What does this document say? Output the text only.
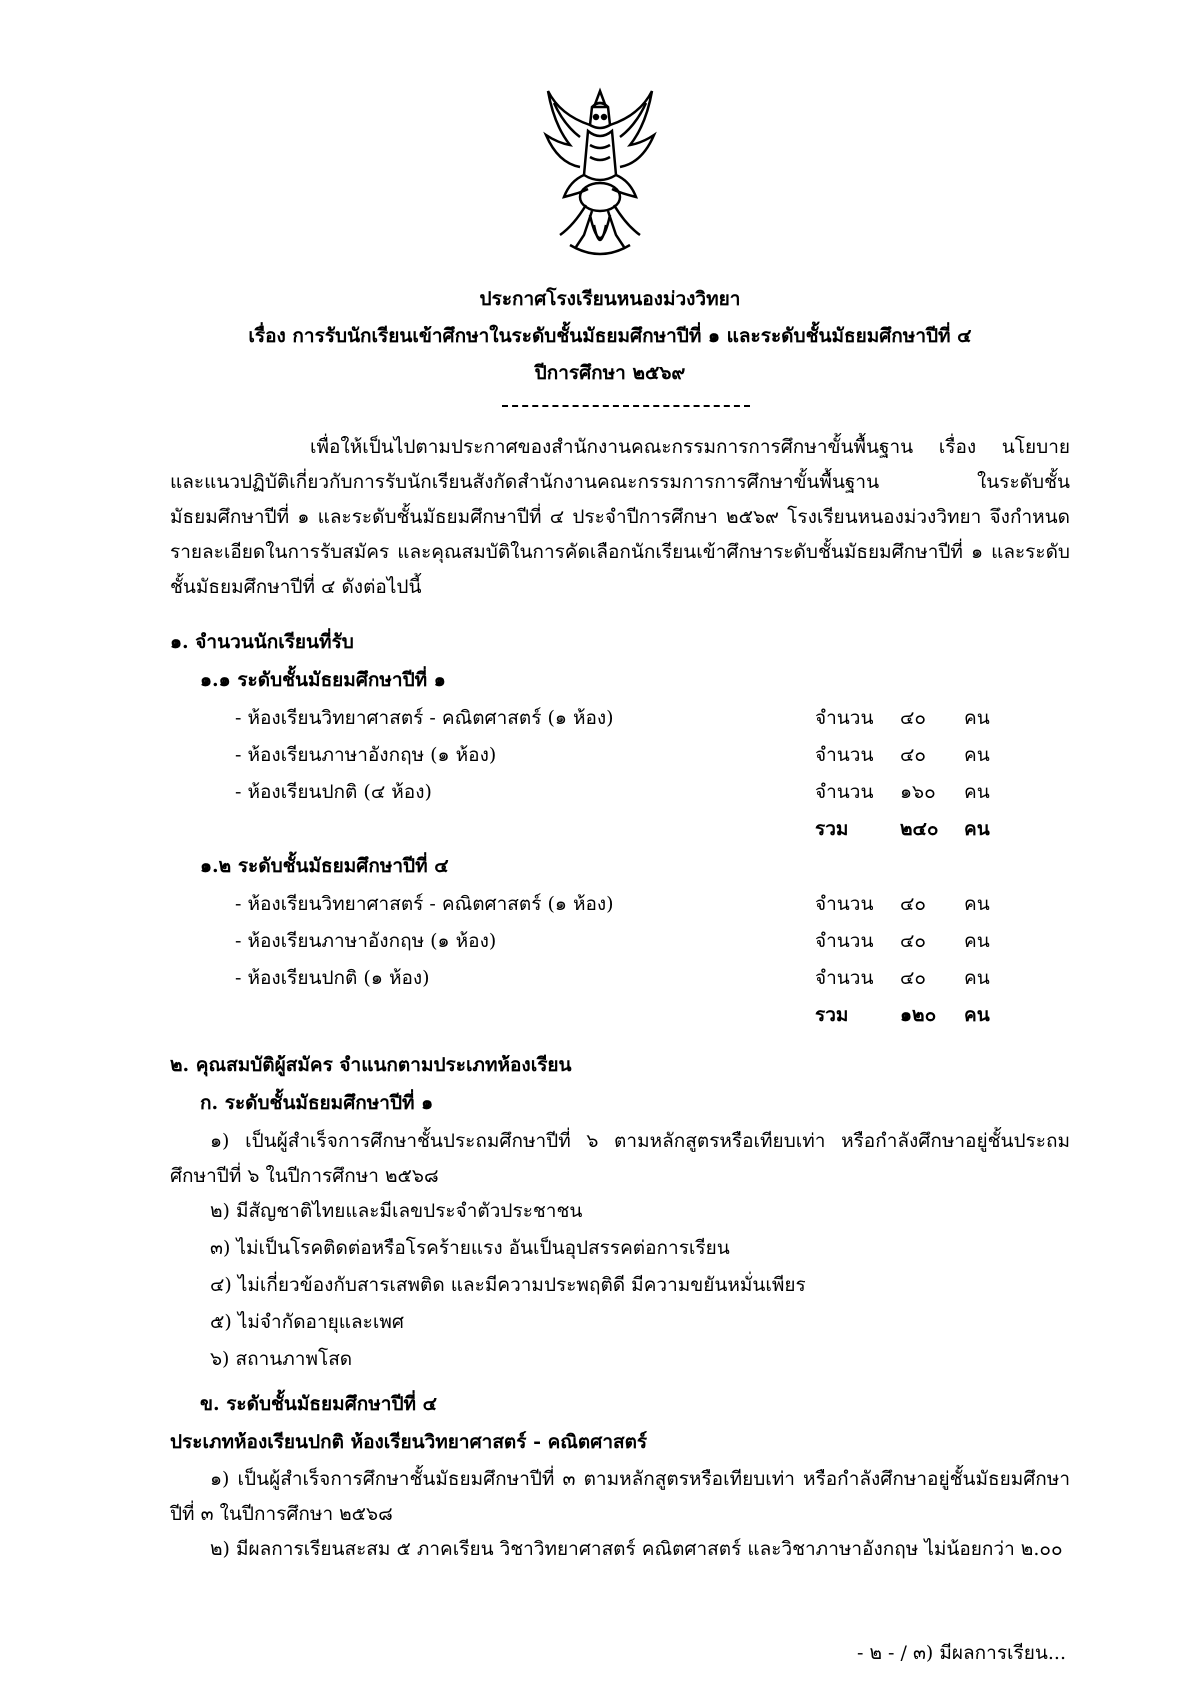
ประกาศโรงเรียนหนองม่วงวิทยา
เรื่อง การรับนักเรียนเข้าศึกษาในระดับชั้นมัธยมศึกษาปีที่ ๑ และระดับชั้นมัธยมศึกษาปีที่ ๔
ปีการศึกษา ๒๕๖๙

เพื่อให้เป็นไปตามประกาศของสำนักงานคณะกรรมการการศึกษาขั้นพื้นฐาน เรื่อง นโยบาย และแนวปฏิบัติเกี่ยวกับการรับนักเรียนสังกัดสำนักงานคณะกรรมการการศึกษาขั้นพื้นฐาน ในระดับชั้นมัธยมศึกษาปีที่ ๑ และระดับชั้นมัธยมศึกษาปีที่ ๔ ประจำปีการศึกษา ๒๕๖๙ โรงเรียนหนองม่วงวิทยา จึงกำหนดรายละเอียดในการรับสมัคร และคุณสมบัติในการคัดเลือกนักเรียนเข้าศึกษาระดับชั้นมัธยมศึกษาปีที่ ๑ และระดับชั้นมัธยมศึกษาปีที่ ๔ ดังต่อไปนี้

๑. จำนวนนักเรียนที่รับ
๑.๑ ระดับชั้นมัธยมศึกษาปีที่ ๑
- ห้องเรียนวิทยาศาสตร์ - คณิตศาสตร์ (๑ ห้อง)	จำนวน ๔๐ คน
- ห้องเรียนภาษาอังกฤษ (๑ ห้อง)	จำนวน ๔๐ คน
- ห้องเรียนปกติ (๔ ห้อง)	จำนวน ๑๖๐ คน
รวม	๒๔๐ คน
๑.๒ ระดับชั้นมัธยมศึกษาปีที่ ๔
- ห้องเรียนวิทยาศาสตร์ - คณิตศาสตร์ (๑ ห้อง)	จำนวน ๔๐ คน
- ห้องเรียนภาษาอังกฤษ (๑ ห้อง)	จำนวน ๔๐ คน
- ห้องเรียนปกติ (๑ ห้อง)	จำนวน ๔๐ คน
รวม	๑๒๐ คน
๒. คุณสมบัติผู้สมัคร จำแนกตามประเภทห้องเรียน
ก. ระดับชั้นมัธยมศึกษาปีที่ ๑

๑) เป็นผู้สำเร็จการศึกษาชั้นประถมศึกษาปีที่ ๖ ตามหลักสูตรหรือเทียบเท่า หรือกำลังศึกษาอยู่ชั้นประถมศึกษาปีที่ ๖ ในปีการศึกษา ๒๕๖๘

๒) มีสัญชาติไทยและมีเลขประจำตัวประชาชน
๓) ไม่เป็นโรคติดต่อหรือโรคร้ายแรง อันเป็นอุปสรรคต่อการเรียน
๔) ไม่เกี่ยวข้องกับสารเสพติด และมีความประพฤติดี มีความขยันหมั่นเพียร
๕) ไม่จำกัดอายุและเพศ
๖) สถานภาพโสด
ข. ระดับชั้นมัธยมศึกษาปีที่ ๔
ประเภทห้องเรียนปกติ ห้องเรียนวิทยาศาสตร์ - คณิตศาสตร์

๑) เป็นผู้สำเร็จการศึกษาชั้นมัธยมศึกษาปีที่ ๓ ตามหลักสูตรหรือเทียบเท่า หรือกำลังศึกษาอยู่ชั้นมัธยมศึกษาปีที่ ๓ ในปีการศึกษา ๒๕๖๘

๒) มีผลการเรียนสะสม ๕ ภาคเรียน วิชาวิทยาศาสตร์ คณิตศาสตร์ และวิชาภาษาอังกฤษ ไม่น้อยกว่า ๒.๐๐
- ๒ - / ๓) มีผลการเรียน...
